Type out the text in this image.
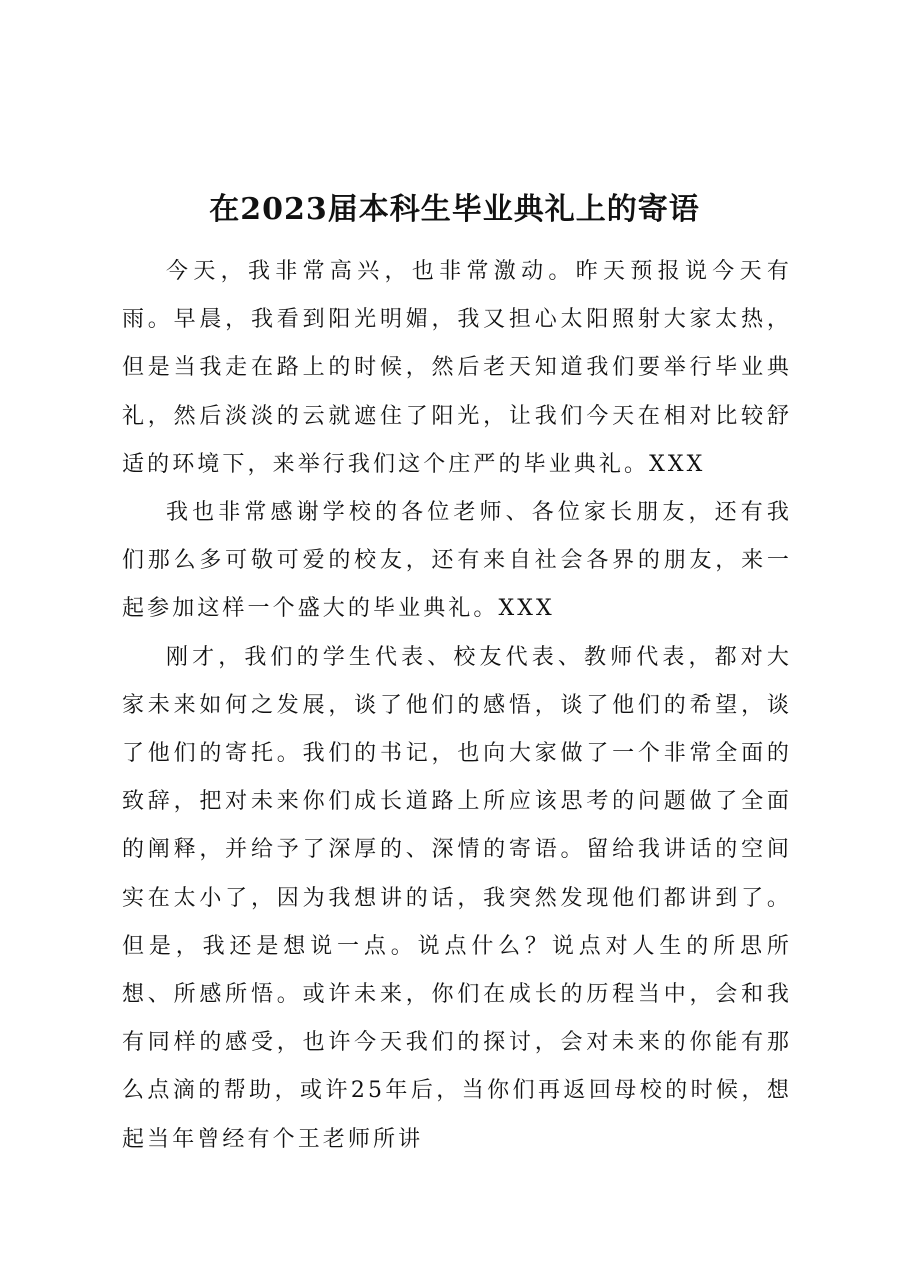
在2023届本科生毕业典礼上的寄语

今天，我非常高兴，也非常激动。昨天预报说今天有雨。早晨，我看到阳光明媚，我又担心太阳照射大家太热，但是当我走在路上的时候，然后老天知道我们要举行毕业典礼，然后淡淡的云就遮住了阳光，让我们今天在相对比较舒适的环境下，来举行我们这个庄严的毕业典礼。XXX

我也非常感谢学校的各位老师、各位家长朋友，还有我们那么多可敬可爱的校友，还有来自社会各界的朋友，来一起参加这样一个盛大的毕业典礼。XXX

刚才，我们的学生代表、校友代表、教师代表，都对大家未来如何之发展，谈了他们的感悟，谈了他们的希望，谈了他们的寄托。我们的书记，也向大家做了一个非常全面的致辞，把对未来你们成长道路上所应该思考的问题做了全面的阐释，并给予了深厚的、深情的寄语。留给我讲话的空间实在太小了，因为我想讲的话，我突然发现他们都讲到了。但是，我还是想说一点。说点什么？说点对人生的所思所想、所感所悟。或许未来，你们在成长的历程当中，会和我有同样的感受，也许今天我们的探讨，会对未来的你能有那么点滴的帮助，或许25年后，当你们再返回母校的时候，想起当年曾经有个王老师所讲
